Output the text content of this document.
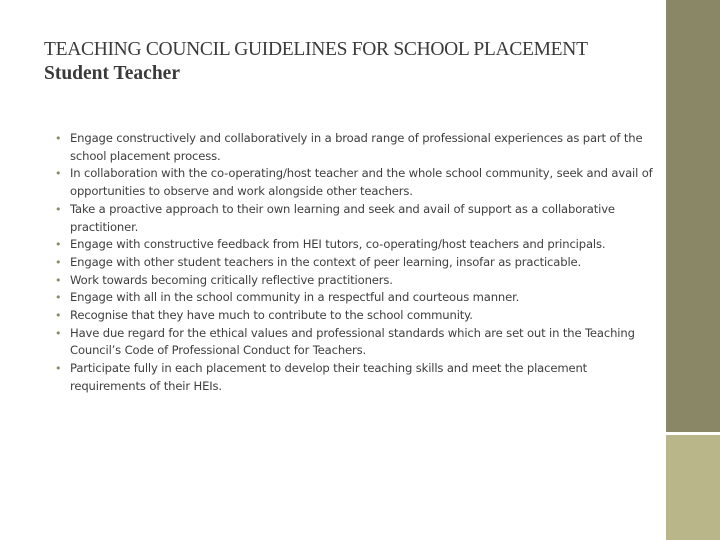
TEACHING COUNCIL GUIDELINES FOR SCHOOL PLACEMENT
Student Teacher
• Engage constructively and collaboratively in a broad range of professional experiences as part of the school placement process.
• In collaboration with the co-operating/host teacher and the whole school community, seek and avail of opportunities to observe and work alongside other teachers.
• Take a proactive approach to their own learning and seek and avail of support as a collaborative practitioner.
• Engage with constructive feedback from HEI tutors, co-operating/host teachers and principals.
• Engage with other student teachers in the context of peer learning, insofar as practicable.
• Work towards becoming critically reflective practitioners.
• Engage with all in the school community in a respectful and courteous manner.
• Recognise that they have much to contribute to the school community.
• Have due regard for the ethical values and professional standards which are set out in the Teaching Council’s Code of Professional Conduct for Teachers.
• Participate fully in each placement to develop their teaching skills and meet the placement requirements of their HEIs.
